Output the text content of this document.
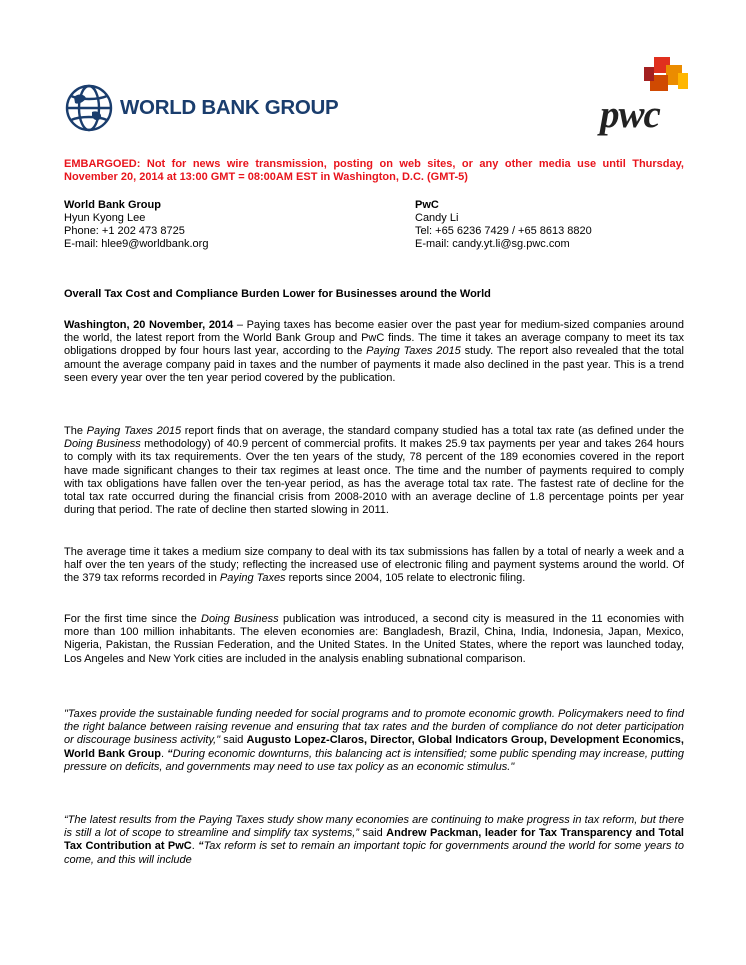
WORLD BANK GROUP	pwc
EMBARGOED: Not for news wire transmission, posting on web sites, or any other media use until Thursday, November 20, 2014 at 13:00 GMT = 08:00AM EST in Washington, D.C. (GMT-5)
World Bank Group
Hyun Kyong Lee
Phone: +1 202 473 8725
E-mail: hlee9@worldbank.org
PwC
Candy Li
Tel: +65 6236 7429 / +65 8613 8820
E-mail: candy.yt.li@sg.pwc.com
Overall Tax Cost and Compliance Burden Lower for Businesses around the World

Washington, 20 November, 2014 – Paying taxes has become easier over the past year for medium-sized companies around the world, the latest report from the World Bank Group and PwC finds. The time it takes an average company to meet its tax obligations dropped by four hours last year, according to the Paying Taxes 2015 study. The report also revealed that the total amount the average company paid in taxes and the number of payments it made also declined in the past year. This is a trend seen every year over the ten year period covered by the publication.

The Paying Taxes 2015 report finds that on average, the standard company studied has a total tax rate (as defined under the Doing Business methodology) of 40.9 percent of commercial profits. It makes 25.9 tax payments per year and takes 264 hours to comply with its tax requirements. Over the ten years of the study, 78 percent of the 189 economies covered in the report have made significant changes to their tax regimes at least once. The time and the number of payments required to comply with tax obligations have fallen over the ten-year period, as has the average total tax rate. The fastest rate of decline for the total tax rate occurred during the financial crisis from 2008-2010 with an average decline of 1.8 percentage points per year during that period. The rate of decline then started slowing in 2011.

The average time it takes a medium size company to deal with its tax submissions has fallen by a total of nearly a week and a half over the ten years of the study; reflecting the increased use of electronic filing and payment systems around the world. Of the 379 tax reforms recorded in Paying Taxes reports since 2004, 105 relate to electronic filing.

For the first time since the Doing Business publication was introduced, a second city is measured in the 11 economies with more than 100 million inhabitants. The eleven economies are: Bangladesh, Brazil, China, India, Indonesia, Japan, Mexico, Nigeria, Pakistan, the Russian Federation, and the United States. In the United States, where the report was launched today, Los Angeles and New York cities are included in the analysis enabling subnational comparison.

"Taxes provide the sustainable funding needed for social programs and to promote economic growth. Policymakers need to find the right balance between raising revenue and ensuring that tax rates and the burden of compliance do not deter participation or discourage business activity," said Augusto Lopez-Claros, Director, Global Indicators Group, Development Economics, World Bank Group. “During economic downturns, this balancing act is intensified; some public spending may increase, putting pressure on deficits, and governments may need to use tax policy as an economic stimulus."

“The latest results from the Paying Taxes study show many economies are continuing to make progress in tax reform, but there is still a lot of scope to streamline and simplify tax systems,” said Andrew Packman, leader for Tax Transparency and Total Tax Contribution at PwC. “Tax reform is set to remain an important topic for governments around the world for some years to come, and this will include
